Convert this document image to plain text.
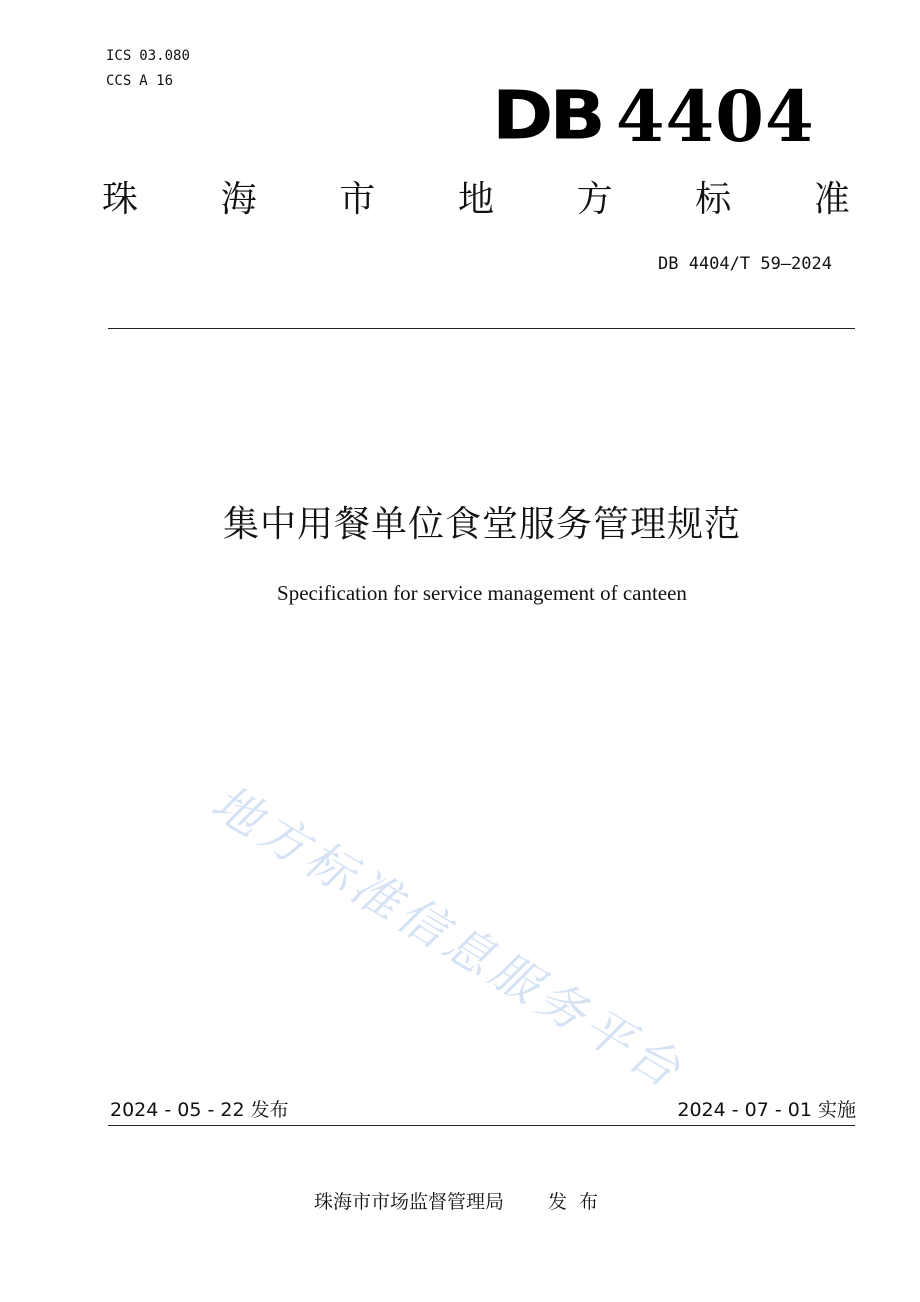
ICS 03.080
CCS A 16	DB 4404
珠 海 市 地 方 标 准
DB 4404/T 59—2024
集中用餐单位食堂服务管理规范
Specification for service management of canteen
地方标准信息服务平台
2024 - 05 - 22 发布	2024 - 07 - 01 实施
珠海市市场监督管理局 发布
